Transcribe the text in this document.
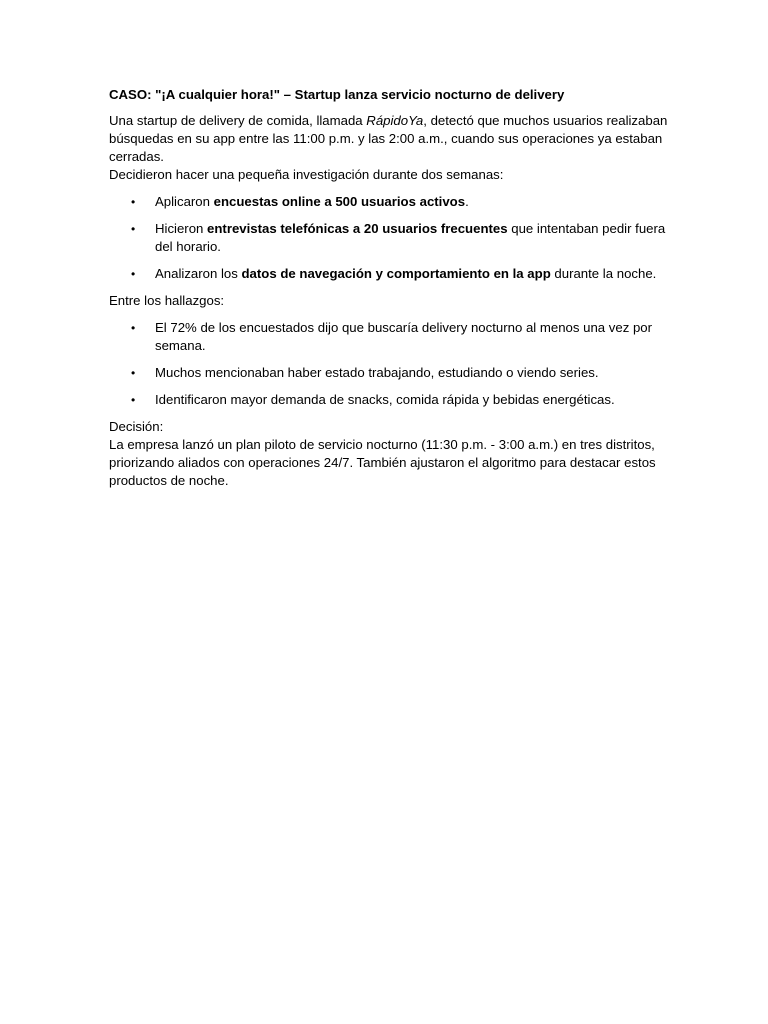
CASO: "¡A cualquier hora!" – Startup lanza servicio nocturno de delivery

Una startup de delivery de comida, llamada RápidoYa, detectó que muchos usuarios realizaban búsquedas en su app entre las 11:00 p.m. y las 2:00 a.m., cuando sus operaciones ya estaban cerradas.

Decidieron hacer una pequeña investigación durante dos semanas:

• Aplicaron encuestas online a 500 usuarios activos.
• Hicieron entrevistas telefónicas a 20 usuarios frecuentes que intentaban pedir fuera del horario.
• Analizaron los datos de navegación y comportamiento en la app durante la noche.

Entre los hallazgos:

• El 72% de los encuestados dijo que buscaría delivery nocturno al menos una vez por semana.
• Muchos mencionaban haber estado trabajando, estudiando o viendo series.
• Identificaron mayor demanda de snacks, comida rápida y bebidas energéticas.

Decisión:

La empresa lanzó un plan piloto de servicio nocturno (11:30 p.m. - 3:00 a.m.) en tres distritos, priorizando aliados con operaciones 24/7. También ajustaron el algoritmo para destacar estos productos de noche.
